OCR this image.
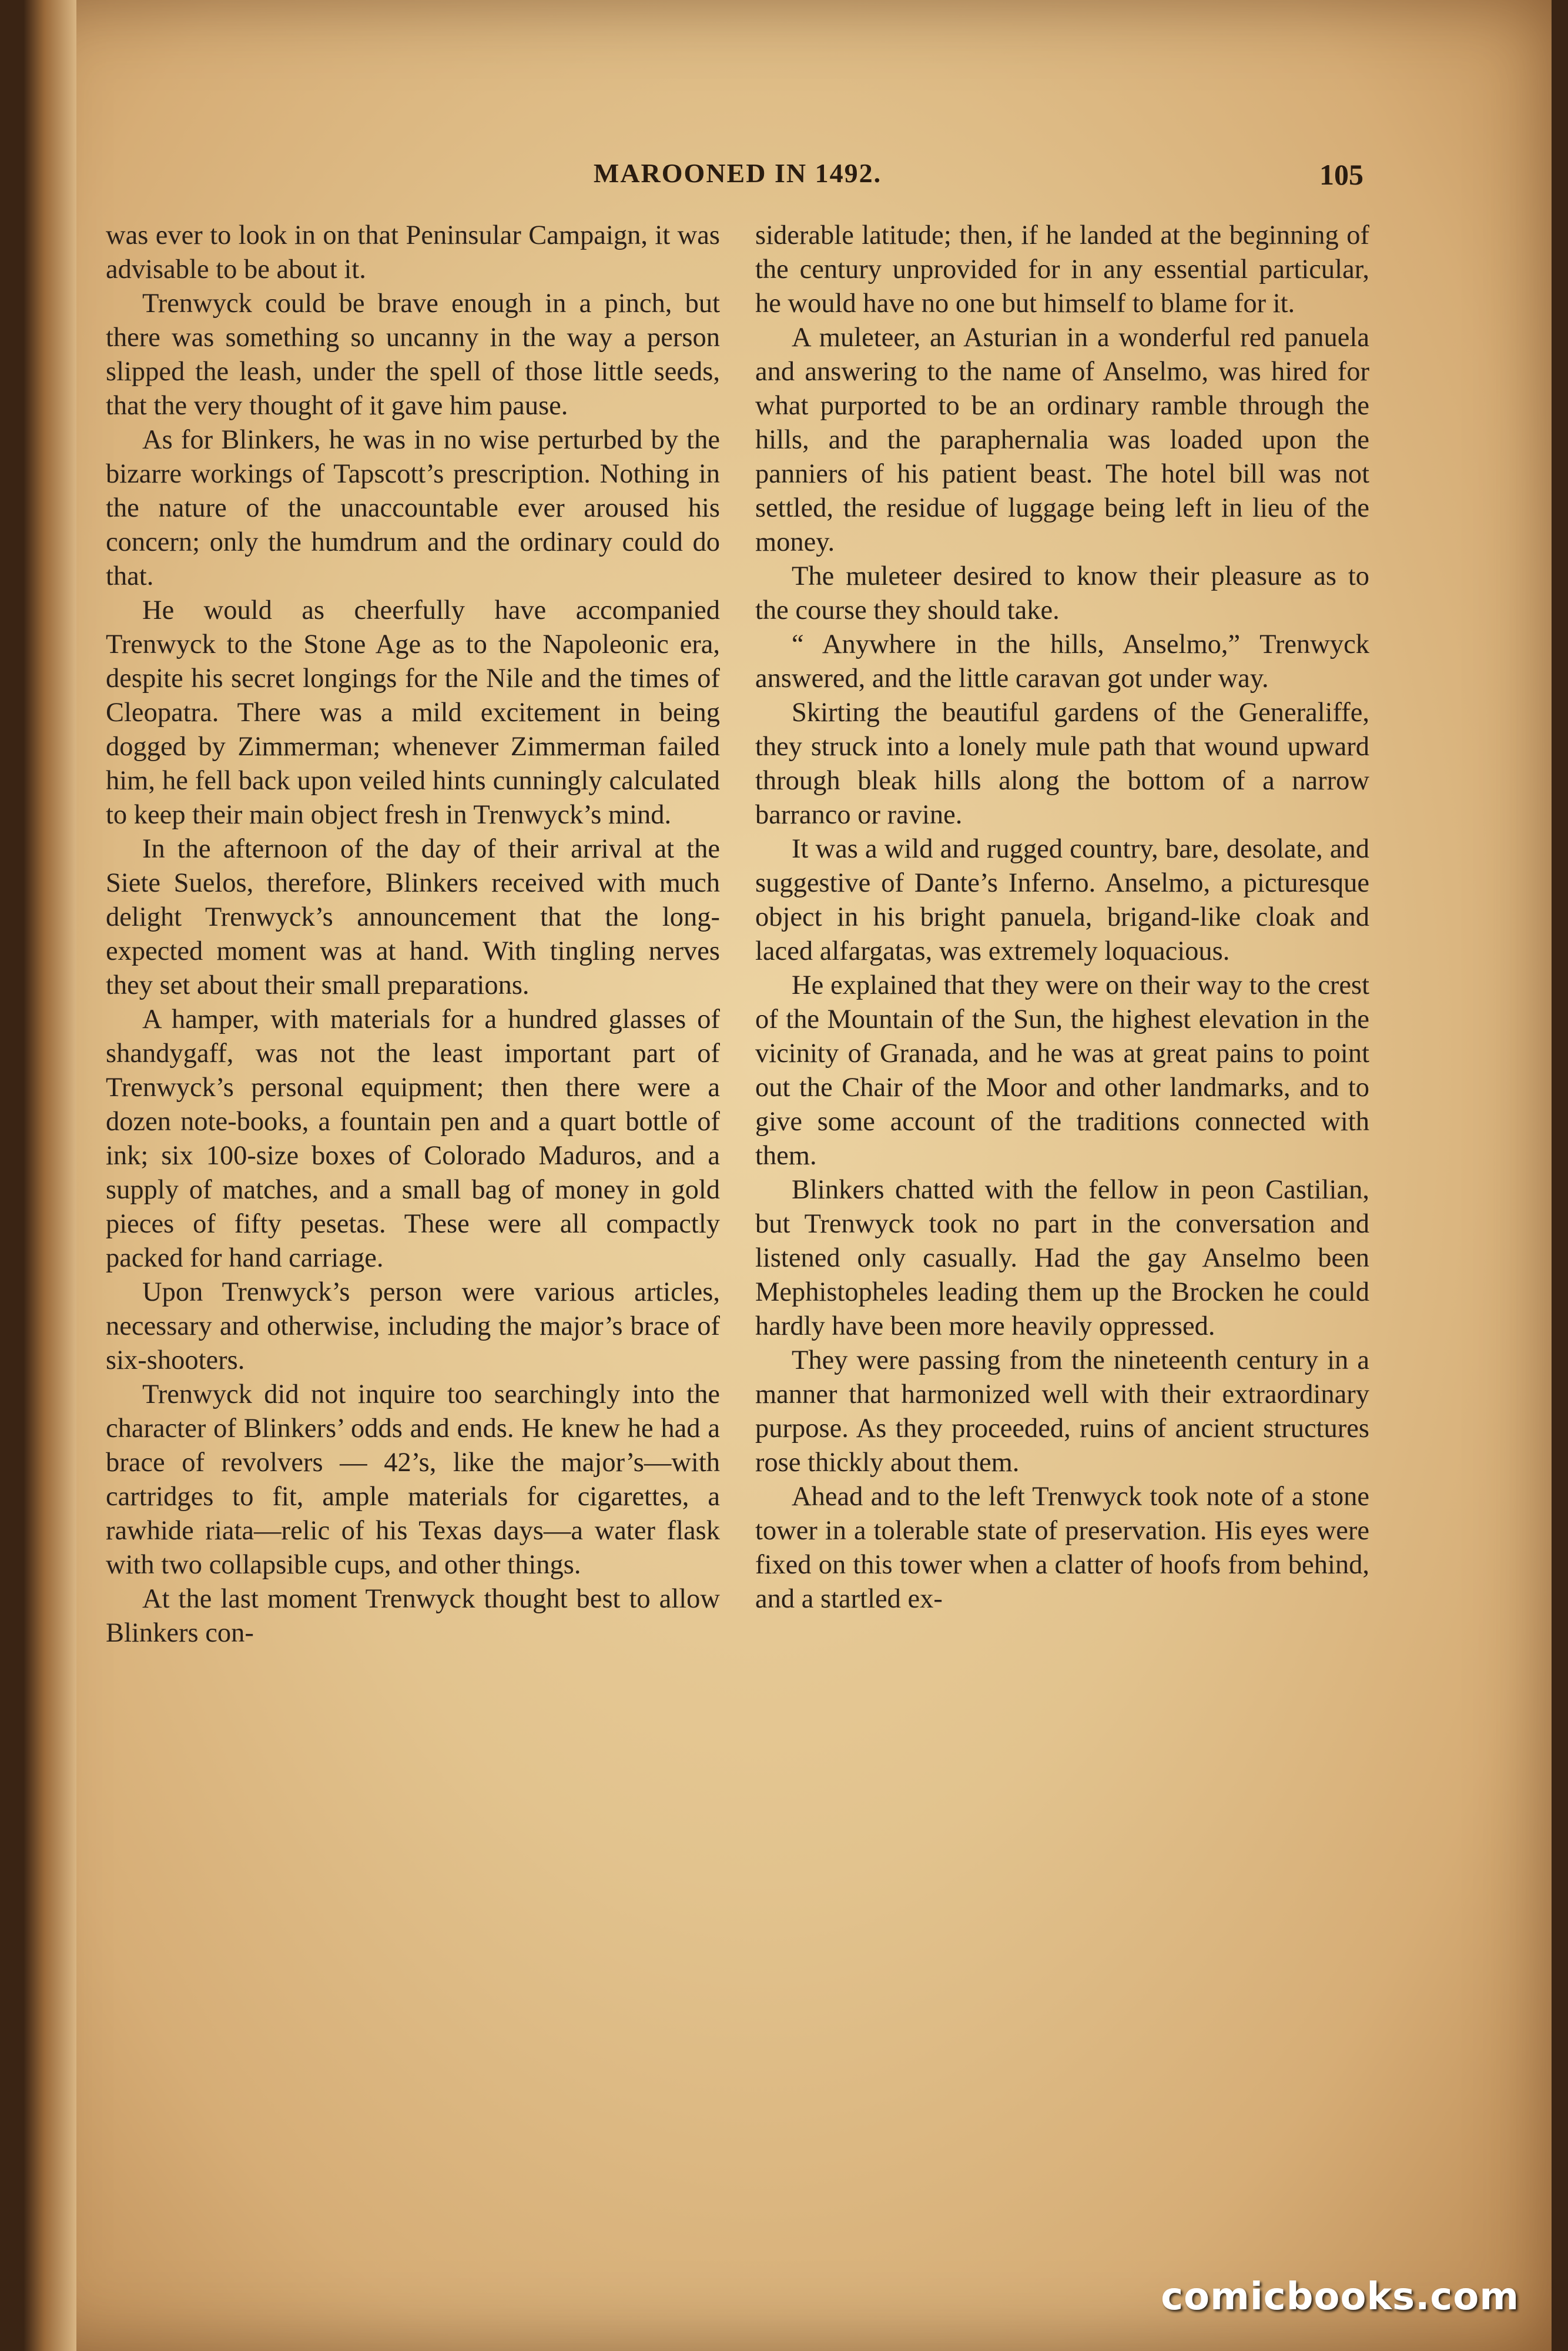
MAROONED IN 1492.	105

was ever to look in on that Peninsular Campaign, it was advisable to be about it.

Trenwyck could be brave enough in a pinch, but there was something so uncanny in the way a person slipped the leash, under the spell of those little seeds, that the very thought of it gave him pause.

As for Blinkers, he was in no wise perturbed by the bizarre workings of Tapscott’s prescription. Nothing in the nature of the unaccountable ever aroused his concern; only the humdrum and the ordinary could do that.

He would as cheerfully have accompanied Trenwyck to the Stone Age as to the Napoleonic era, despite his secret longings for the Nile and the times of Cleopatra. There was a mild excitement in being dogged by Zimmerman; whenever Zimmerman failed him, he fell back upon veiled hints cunningly calculated to keep their main object fresh in Trenwyck’s mind.

In the afternoon of the day of their arrival at the Siete Suelos, therefore, Blinkers received with much delight Trenwyck’s announcement that the long-expected moment was at hand. With tingling nerves they set about their small preparations.

A hamper, with materials for a hundred glasses of shandygaff, was not the least important part of Trenwyck’s personal equipment; then there were a dozen note-books, a fountain pen and a quart bottle of ink; six 100-size boxes of Colorado Maduros, and a supply of matches, and a small bag of money in gold pieces of fifty pesetas. These were all compactly packed for hand carriage.

Upon Trenwyck’s person were various articles, necessary and otherwise, including the major’s brace of six-shooters.

Trenwyck did not inquire too searchingly into the character of Blinkers’ odds and ends. He knew he had a brace of revolvers — 42’s, like the major’s—with cartridges to fit, ample materials for cigarettes, a rawhide riata—relic of his Texas days—a water flask with two collapsible cups, and other things.

At the last moment Trenwyck thought best to allow Blinkers con-

siderable latitude; then, if he landed at the beginning of the century unprovided for in any essential particular, he would have no one but himself to blame for it.

A muleteer, an Asturian in a wonderful red panuela and answering to the name of Anselmo, was hired for what purported to be an ordinary ramble through the hills, and the paraphernalia was loaded upon the panniers of his patient beast. The hotel bill was not settled, the residue of luggage being left in lieu of the money.

The muleteer desired to know their pleasure as to the course they should take.

“ Anywhere in the hills, Anselmo,” Trenwyck answered, and the little caravan got under way.

Skirting the beautiful gardens of the Generaliffe, they struck into a lonely mule path that wound upward through bleak hills along the bottom of a narrow barranco or ravine.

It was a wild and rugged country, bare, desolate, and suggestive of Dante’s Inferno. Anselmo, a picturesque object in his bright panuela, brigand-like cloak and laced alfargatas, was extremely loquacious.

He explained that they were on their way to the crest of the Mountain of the Sun, the highest elevation in the vicinity of Granada, and he was at great pains to point out the Chair of the Moor and other landmarks, and to give some account of the traditions connected with them.

Blinkers chatted with the fellow in peon Castilian, but Trenwyck took no part in the conversation and listened only casually. Had the gay Anselmo been Mephistopheles leading them up the Brocken he could hardly have been more heavily oppressed.

They were passing from the nineteenth century in a manner that harmonized well with their extraordinary purpose. As they proceeded, ruins of ancient structures rose thickly about them.

Ahead and to the left Trenwyck took note of a stone tower in a tolerable state of preservation. His eyes were fixed on this tower when a clatter of hoofs from behind, and a startled ex-

comicbooks.com
